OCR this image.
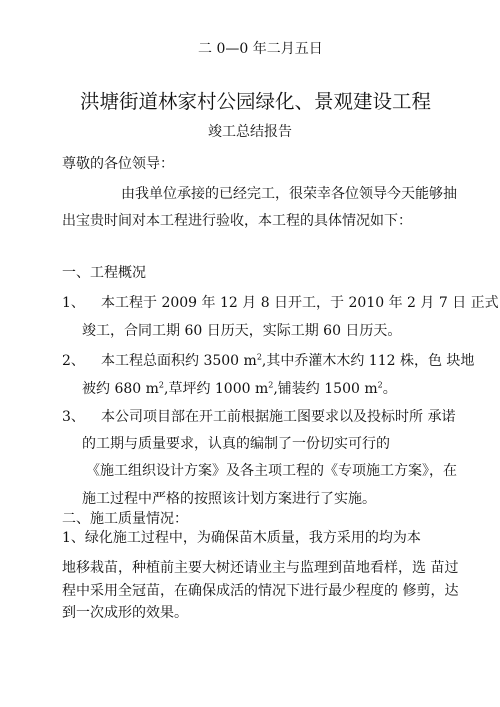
二 0—0 年二月五日
洪塘街道林家村公园绿化、景观建设工程
竣工总结报告
尊敬的各位领导：
由我单位承接的已经完工，很荣幸各位领导今天能够抽
出宝贵时间对本工程进行验收，本工程的具体情况如下：
一、工程概况
1、 本工程于 2009 年 12 月 8 日开工，于 2010 年 2 月 7 日 正式
竣工，合同工期 60 日历天，实际工期 60 日历天。
2、 本工程总面积约 3500 $m^2$,其中乔灌木木约 112 株，色 块地
被约 680 $m^2$,草坪约 1000 $m^2$,铺装约 1500 $m^2$。
3、 本公司项目部在开工前根据施工图要求以及投标时所 承诺
的工期与质量要求，认真的编制了一份切实可行的
《施工组织设计方案》及各主项工程的《专项施工方案》，在
施工过程中严格的按照该计划方案进行了实施。
二、施工质量情况：
1、绿化施工过程中，为确保苗木质量，我方采用的均为本
地移栽苗，种植前主要大树还请业主与监理到苗地看样，选 苗过
程中采用全冠苗，在确保成活的情况下进行最少程度的 修剪，达
到一次成形的效果。
